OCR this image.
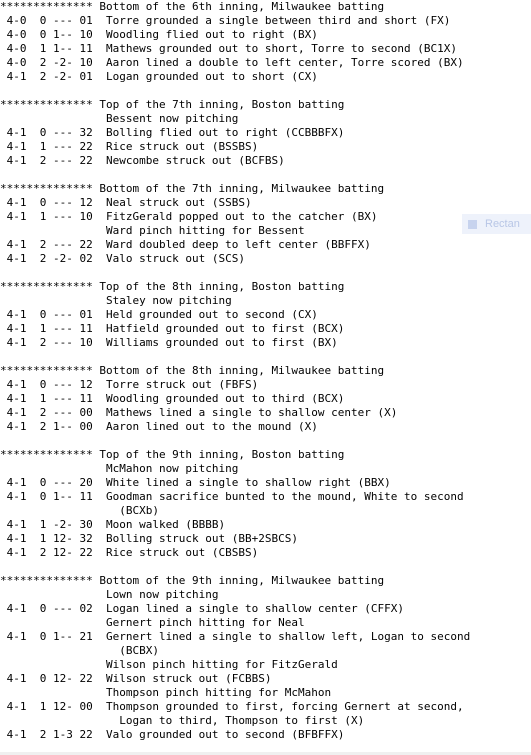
************** Bottom of the 6th inning, Milwaukee batting
4-0  0 --- 01  Torre grounded a single between third and short (FX)
4-0  0 1-- 10  Woodling flied out to right (BX)
4-0  1 1-- 11  Mathews grounded out to short, Torre to second (BC1X)
4-0  2 -2- 10  Aaron lined a double to left center, Torre scored (BX)
4-1  2 -2- 01  Logan grounded out to short (CX)

************** Top of the 7th inning, Boston batting
Bessent now pitching
4-1  0 --- 32  Bolling flied out to right (CCBBBFX)
4-1  1 --- 22  Rice struck out (BSSBS)
4-1  2 --- 22  Newcombe struck out (BCFBS)

************** Bottom of the 7th inning, Milwaukee batting
4-1  0 --- 12  Neal struck out (SSBS)
4-1  1 --- 10  FitzGerald popped out to the catcher (BX)
Ward pinch hitting for Bessent
4-1  2 --- 22  Ward doubled deep to left center (BBFFX)
4-1  2 -2- 02  Valo struck out (SCS)

************** Top of the 8th inning, Boston batting
Staley now pitching
4-1  0 --- 01  Held grounded out to second (CX)
4-1  1 --- 11  Hatfield grounded out to first (BCX)
4-1  2 --- 10  Williams grounded out to first (BX)

************** Bottom of the 8th inning, Milwaukee batting
4-1  0 --- 12  Torre struck out (FBFS)
4-1  1 --- 11  Woodling grounded out to third (BCX)
4-1  2 --- 00  Mathews lined a single to shallow center (X)
4-1  2 1-- 00  Aaron lined out to the mound (X)

************** Top of the 9th inning, Boston batting
McMahon now pitching
4-1  0 --- 20  White lined a single to shallow right (BBX)
4-1  0 1-- 11  Goodman sacrifice bunted to the mound, White to second
(BCXb)
4-1  1 -2- 30  Moon walked (BBBB)
4-1  1 12- 32  Bolling struck out (BB+2SBCS)
4-1  2 12- 22  Rice struck out (CBSBS)

************** Bottom of the 9th inning, Milwaukee batting
Lown now pitching
4-1  0 --- 02  Logan lined a single to shallow center (CFFX)
Gernert pinch hitting for Neal
4-1  0 1-- 21  Gernert lined a single to shallow left, Logan to second
(BCBX)
Wilson pinch hitting for FitzGerald
4-1  0 12- 22  Wilson struck out (FCBBS)
Thompson pinch hitting for McMahon
4-1  1 12- 00  Thompson grounded to first, forcing Gernert at second,
Logan to third, Thompson to first (X)
4-1  2 1-3 22  Valo grounded out to second (BFBFFX)
Rectan
